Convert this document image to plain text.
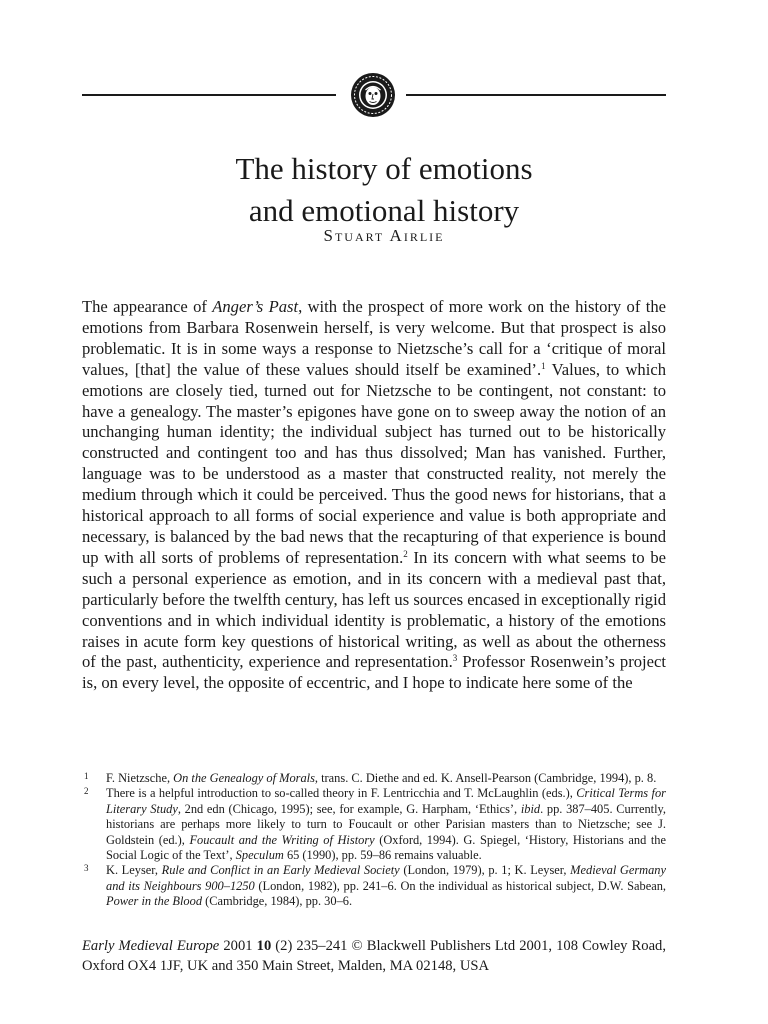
The history of emotions
and emotional history
Stuart Airlie

The appearance of Anger’s Past, with the prospect of more work on the history of the emotions from Barbara Rosenwein herself, is very welcome. But that prospect is also problematic. It is in some ways a response to Nietzsche’s call for a ‘critique of moral values, [that] the value of these values should itself be examined’.$^1$ Values, to which emotions are closely tied, turned out for Nietzsche to be contingent, not constant: to have a genealogy. The master’s epigones have gone on to sweep away the notion of an unchanging human identity; the individual subject has turned out to be historically constructed and contingent too and has thus dissolved; Man has vanished. Further, language was to be understood as a master that constructed reality, not merely the medium through which it could be perceived. Thus the good news for historians, that a historical approach to all forms of social experience and value is both appropriate and necessary, is balanced by the bad news that the recapturing of that experience is bound up with all sorts of problems of representation.$^2$ In its concern with what seems to be such a personal experience as emotion, and in its concern with a medieval past that, particularly before the twelfth century, has left us sources encased in exceptionally rigid conventions and in which individual identity is problematic, a history of the emotions raises in acute form key questions of historical writing, as well as about the otherness of the past, authenticity, experience and representation.$^3$ Professor Rosenwein’s project is, on every level, the opposite of eccentric, and I hope to indicate here some of the

1 F. Nietzsche, On the Genealogy of Morals, trans. C. Diethe and ed. K. Ansell-Pearson (Cambridge, 1994), p. 8.
2 There is a helpful introduction to so-called theory in F. Lentricchia and T. McLaughlin (eds.), Critical Terms for Literary Study, 2nd edn (Chicago, 1995); see, for example, G. Harpham, ‘Ethics’, ibid. pp. 387–405. Currently, historians are perhaps more likely to turn to Foucault or other Parisian masters than to Nietzsche; see J. Goldstein (ed.), Foucault and the Writing of History (Oxford, 1994). G. Spiegel, ‘History, Historians and the Social Logic of the Text’, Speculum 65 (1990), pp. 59–86 remains valuable.
3 K. Leyser, Rule and Conflict in an Early Medieval Society (London, 1979), p. 1; K. Leyser, Medieval Germany and its Neighbours 900–1250 (London, 1982), pp. 241–6. On the individual as historical subject, D.W. Sabean, Power in the Blood (Cambridge, 1984), pp. 30–6.

Early Medieval Europe 2001 10 (2) 235–241 © Blackwell Publishers Ltd 2001, 108 Cowley Road, Oxford OX4 1JF, UK and 350 Main Street, Malden, MA 02148, USA
